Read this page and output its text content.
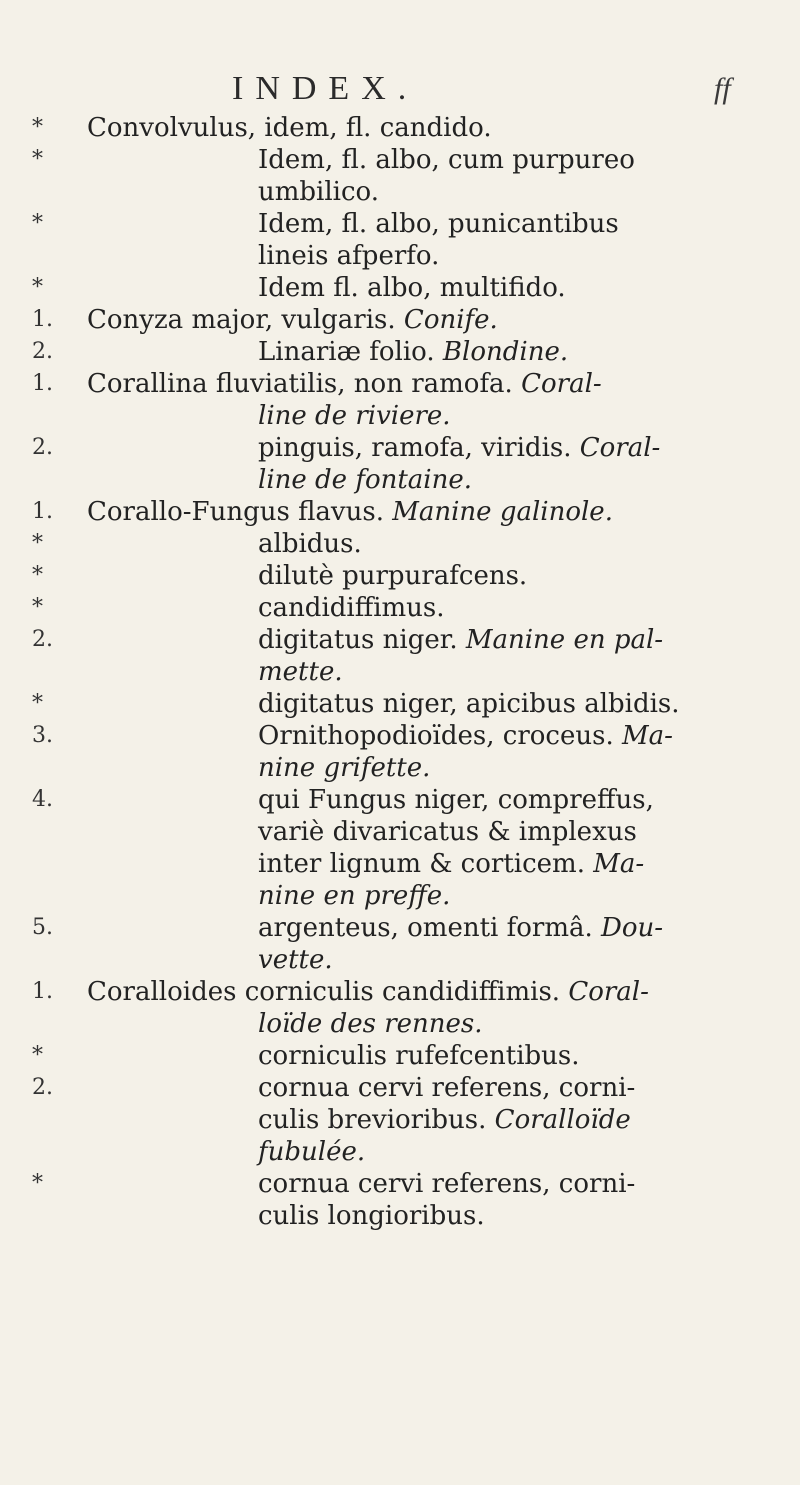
INDEX.	ff
*	Convolvulus, idem, fl. candido.
*	Idem, fl. albo, cum purpureo
umbilico.
*	Idem, fl. albo, punicantibus
lineis afperfo.
*	Idem fl. albo, multifido.
1.	Conyza major, vulgaris. Conife.
2.	Linariæ folio. Blondine.
1.	Corallina fluviatilis, non ramofa. Coral-
line de riviere.
2.	pinguis, ramofa, viridis. Coral-
line de fontaine.
1.	Corallo-Fungus flavus. Manine galinole.
*	albidus.
*	dilutè purpurafcens.
*	candidiffimus.
2.	digitatus niger. Manine en pal-
mette.
*	digitatus niger, apicibus albidis.
3.	Ornithopodioïdes, croceus. Ma-
nine grifette.
4.	qui Fungus niger, compreffus,
variè divaricatus & implexus
inter lignum & corticem. Ma-
nine en preffe.
5.	argenteus, omenti formâ. Dou-
vette.
1.	Coralloides corniculis candidiffimis. Coral-
loïde des rennes.
*	corniculis rufefcentibus.
2.	cornua cervi referens, corni-
culis brevioribus. Coralloïde
fubulée.
*	cornua cervi referens, corni-
culis longioribus.
